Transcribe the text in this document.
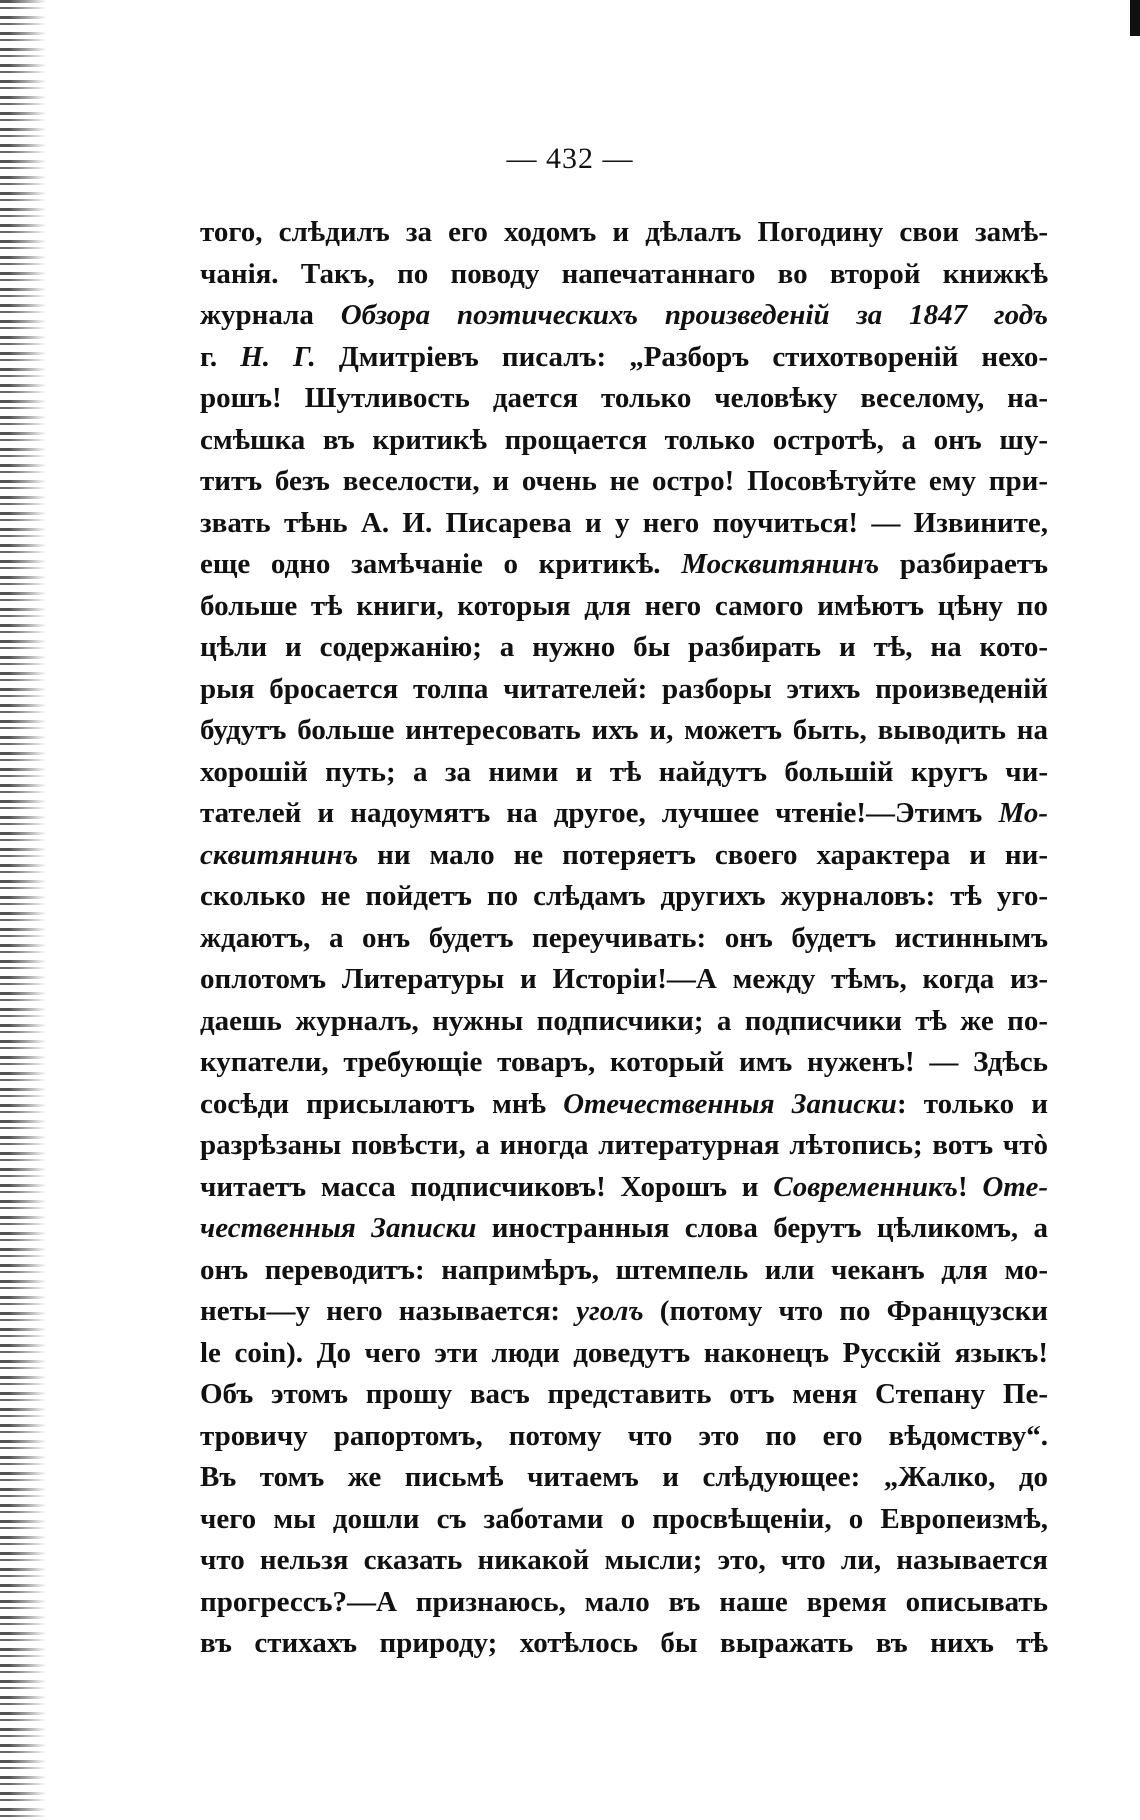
— 432 —
того, слѣдилъ за его ходомъ и дѣлалъ Погодину свои замѣ-
чанія. Такъ, по поводу напечатаннаго во второй книжкѣ
журнала Обзора поэтическихъ произведеній за 1847 годъ
г. Н. Г. Дмитріевъ писалъ: „Разборъ стихотвореній нехо-
рошъ! Шутливость дается только человѣку веселому, на-
смѣшка въ критикѣ прощается только остротѣ, а онъ шу-
титъ безъ веселости, и очень не остро! Посовѣтуйте ему при-
звать тѣнь А. И. Писарева и у него поучиться! — Извините,
еще одно замѣчаніе о критикѣ. Москвитянинъ разбираетъ
больше тѣ книги, которыя для него самого имѣютъ цѣну по
цѣли и содержанію; а нужно бы разбирать и тѣ, на кото-
рыя бросается толпа читателей: разборы этихъ произведеній
будутъ больше интересовать ихъ и, можетъ быть, выводить на
хорошій путь; а за ними и тѣ найдутъ большій кругъ чи-
тателей и надоумятъ на другое, лучшее чтеніе!—Этимъ Мо-
сквитянинъ ни мало не потеряетъ своего характера и ни-
сколько не пойдетъ по слѣдамъ другихъ журналовъ: тѣ уго-
ждаютъ, а онъ будетъ переучивать: онъ будетъ истиннымъ
оплотомъ Литературы и Исторіи!—А между тѣмъ, когда из-
даешь журналъ, нужны подписчики; а подписчики тѣ же по-
купатели, требующіе товаръ, который имъ нуженъ! — Здѣсь
сосѣди присылаютъ мнѣ Отечественныя Записки: только и
разрѣзаны повѣсти, а иногда литературная лѣтопись; вотъ чтò
читаетъ масса подписчиковъ! Хорошъ и Современникъ! Оте-
чественныя Записки иностранныя слова берутъ цѣликомъ, а
онъ переводитъ: напримѣръ, штемпель или чеканъ для мо-
неты—у него называется: уголъ (потому что по Французски
le coin). До чего эти люди доведутъ наконецъ Русскій языкъ!
Объ этомъ прошу васъ представить отъ меня Степану Пе-
тровичу рапортомъ, потому что это по его вѣдомству“.
Въ томъ же письмѣ читаемъ и слѣдующее: „Жалко, до
чего мы дошли съ заботами о просвѣщеніи, о Европеизмѣ,
что нельзя сказать никакой мысли; это, что ли, называется
прогрессъ?—А признаюсь, мало въ наше время описывать
въ стихахъ природу; хотѣлось бы выражать въ нихъ тѣ
